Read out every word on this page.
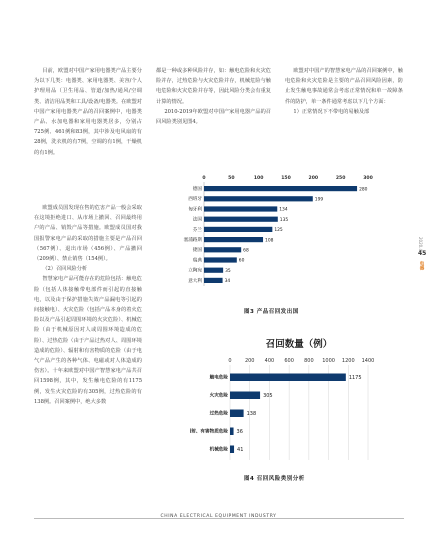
目前，欧盟对中国产家用电器类产品主要分为以下几类：电器类、家用电器类、美容/个人护理用品（卫生用品、管道/加热/通风/空调类、清洁用品类和工具/设备/电器类。在欧盟对中国产家用电器类产品的召回案例中，电器类产品、水加电器和家用电器类居多，分别占725例、461例和83例，其中涉及电风扇的有28例，洗衣机的有7例，空调的有1例，干燥机的有1例。

欧盟成员国发现在售的危害产品一般会采取在这境拒绝进口、从市场上撤回、召回最终用户的产品、销毁产品等措施。欧盟成员国对我国报警家电产品的采取的措施主要是产品召回（567例）、退出市场（456例）、产品撤回（209例）、禁止销售（154例）。

（2）召回风险分析

智慧家电产品可能存在的危险包括：触电危险（包括人体接触带电部件而引起的直接触电，以及由于保护措施失效产品漏电等引起的间接触电）、火灾危险（包括产品本身的着火危险以及产品引起周围环境的火灾危险）、机械危险（由于机械原因对人或周围环境造成的危险）、过热危险（由于产品过热对人、周围环境造成的危险）、辐射和有害物质的危险（由于电气产品产生的各种气体、电磁或对人体造成的伤害）。十年来欧盟对中国产智慧家电产品共召回1598例，其中，发生触电危险的有1175例，发生火灾危险的有305例，过热危险的有138例。召回案例中，绝大多数

都是一种或多种风险并存，如：触电危险和火灾危险并存，过热危险与火灾危险并存，机械危险与触电危险和火灾危险并存等，因此风险分类会有重复计算的情况。

2010-2019年欧盟对中国产家用电器产品的召回风险类别见图4。

欧盟对中国产的智慧家电产品的召回案例中，触电危险和火灾危险是主要的产品召回风险因素，防止发生触电事故通常会考虑正常情况和单一故障条件的防护，单一条件通常考虑以下几个方面：

1）正常情况下不带电的易触及部

0	50	100	150	200	250	300
德国	280
西班牙	199
匈牙利	134
法国	135
芬兰	125
塞浦路斯	108
捷国	68
瑞典	60
立陶宛	35
意大利	34
图3 产品召回发出国
召回数量（例）
0	200 400 600 800 1000 1200 1400
触电危险	1175
火灾危险	305
过热危险	138
辐射、有害物质危险 36
机械危险 41
图4 召回风险类别分析
2020.4 电器
45
CHINA ELECTRICAL EQUIPMENT INDUSTRY
